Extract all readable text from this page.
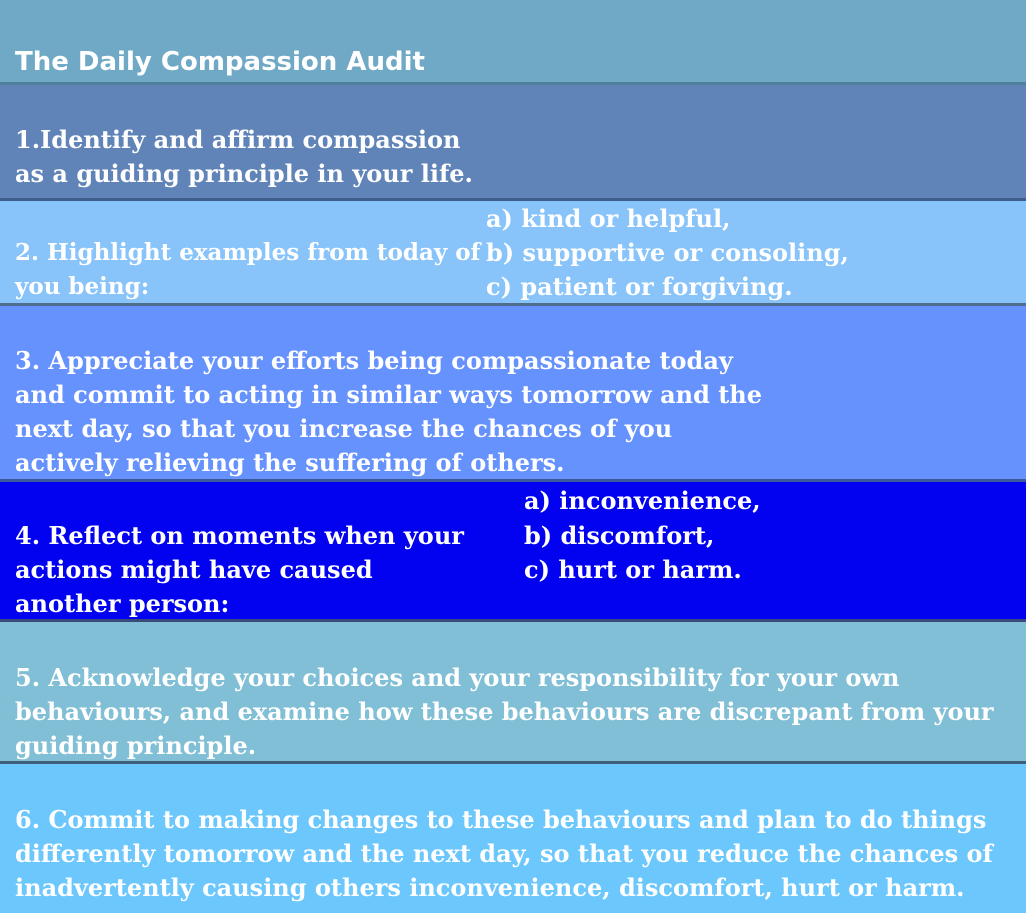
The Daily Compassion Audit
1.Identify and affirm compassion
as a guiding principle in your life.
2. Highlight examples from today of
you being:
a) kind or helpful,
b) supportive or consoling,
c) patient or forgiving.
3. Appreciate your efforts being compassionate today
and commit to acting in similar ways tomorrow and the
next day, so that you increase the chances of you
actively relieving the suffering of others.
4. Reflect on moments when your
actions might have caused
another person:
a) inconvenience,
b) discomfort,
c) hurt or harm.
5. Acknowledge your choices and your responsibility for your own
behaviours, and examine how these behaviours are discrepant from your
guiding principle.
6. Commit to making changes to these behaviours and plan to do things
differently tomorrow and the next day, so that you reduce the chances of
inadvertently causing others inconvenience, discomfort, hurt or harm.
